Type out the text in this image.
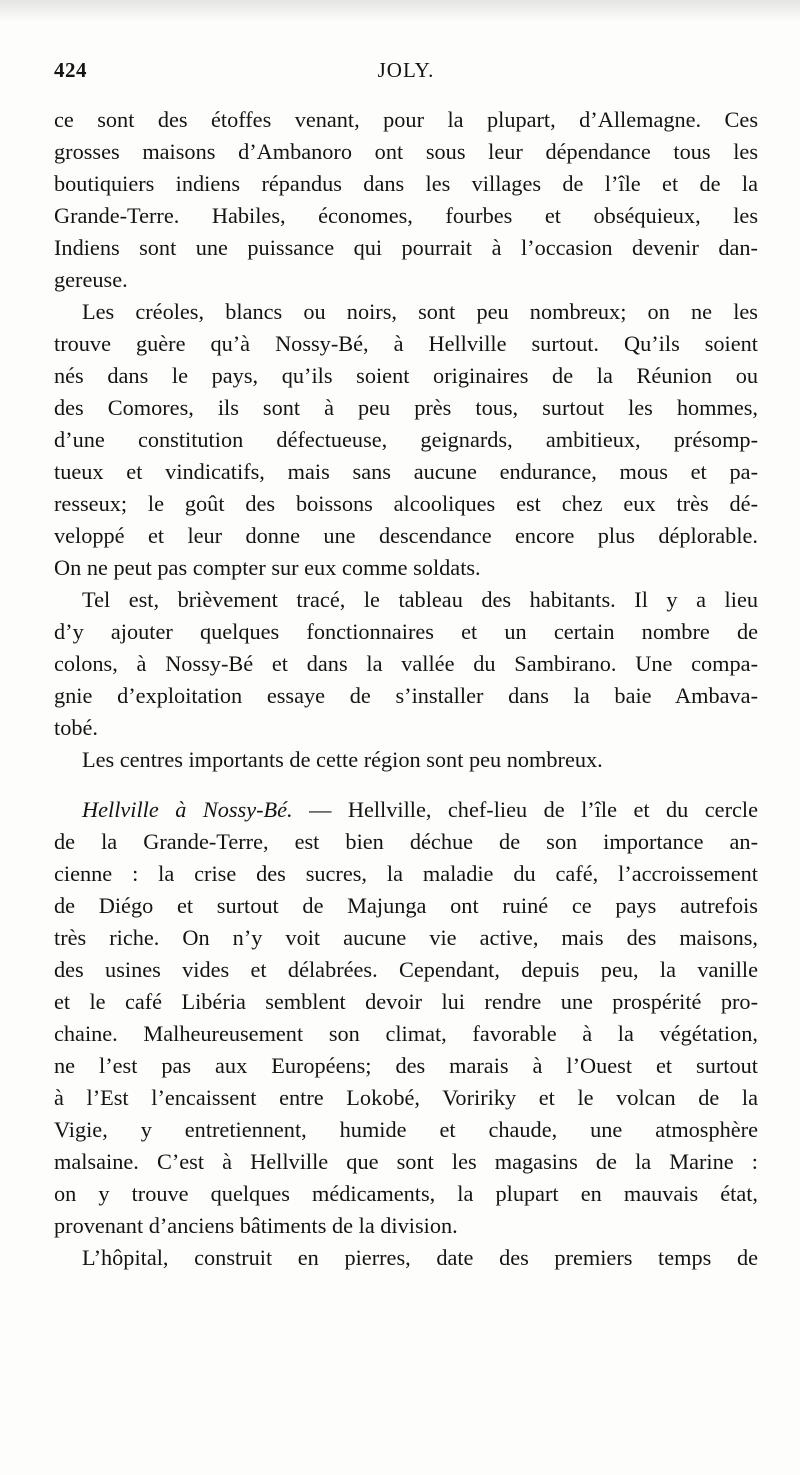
424	JOLY.
ce sont des étoffes venant, pour la plupart, d’Allemagne. Ces
grosses maisons d’Ambanoro ont sous leur dépendance tous les
boutiquiers indiens répandus dans les villages de l’île et de la
Grande-Terre. Habiles, économes, fourbes et obséquieux, les
Indiens sont une puissance qui pourrait à l’occasion devenir dan-
gereuse.
Les créoles, blancs ou noirs, sont peu nombreux; on ne les
trouve guère qu’à Nossy-Bé, à Hellville surtout. Qu’ils soient
nés dans le pays, qu’ils soient originaires de la Réunion ou
des Comores, ils sont à peu près tous, surtout les hommes,
d’une constitution défectueuse, geignards, ambitieux, présomp-
tueux et vindicatifs, mais sans aucune endurance, mous et pa-
resseux; le goût des boissons alcooliques est chez eux très dé-
veloppé et leur donne une descendance encore plus déplorable.
On ne peut pas compter sur eux comme soldats.
Tel est, brièvement tracé, le tableau des habitants. Il y a lieu
d’y ajouter quelques fonctionnaires et un certain nombre de
colons, à Nossy-Bé et dans la vallée du Sambirano. Une compa-
gnie d’exploitation essaye de s’installer dans la baie Ambava-
tobé.
Les centres importants de cette région sont peu nombreux.
Hellville à Nossy-Bé. — Hellville, chef-lieu de l’île et du cercle
de la Grande-Terre, est bien déchue de son importance an-
cienne : la crise des sucres, la maladie du café, l’accroissement
de Diégo et surtout de Majunga ont ruiné ce pays autrefois
très riche. On n’y voit aucune vie active, mais des maisons,
des usines vides et délabrées. Cependant, depuis peu, la vanille
et le café Libéria semblent devoir lui rendre une prospérité pro-
chaine. Malheureusement son climat, favorable à la végétation,
ne l’est pas aux Européens; des marais à l’Ouest et surtout
à l’Est l’encaissent entre Lokobé, Voririky et le volcan de la
Vigie, y entretiennent, humide et chaude, une atmosphère
malsaine. C’est à Hellville que sont les magasins de la Marine :
on y trouve quelques médicaments, la plupart en mauvais état,
provenant d’anciens bâtiments de la division.
L’hôpital, construit en pierres, date des premiers temps de
